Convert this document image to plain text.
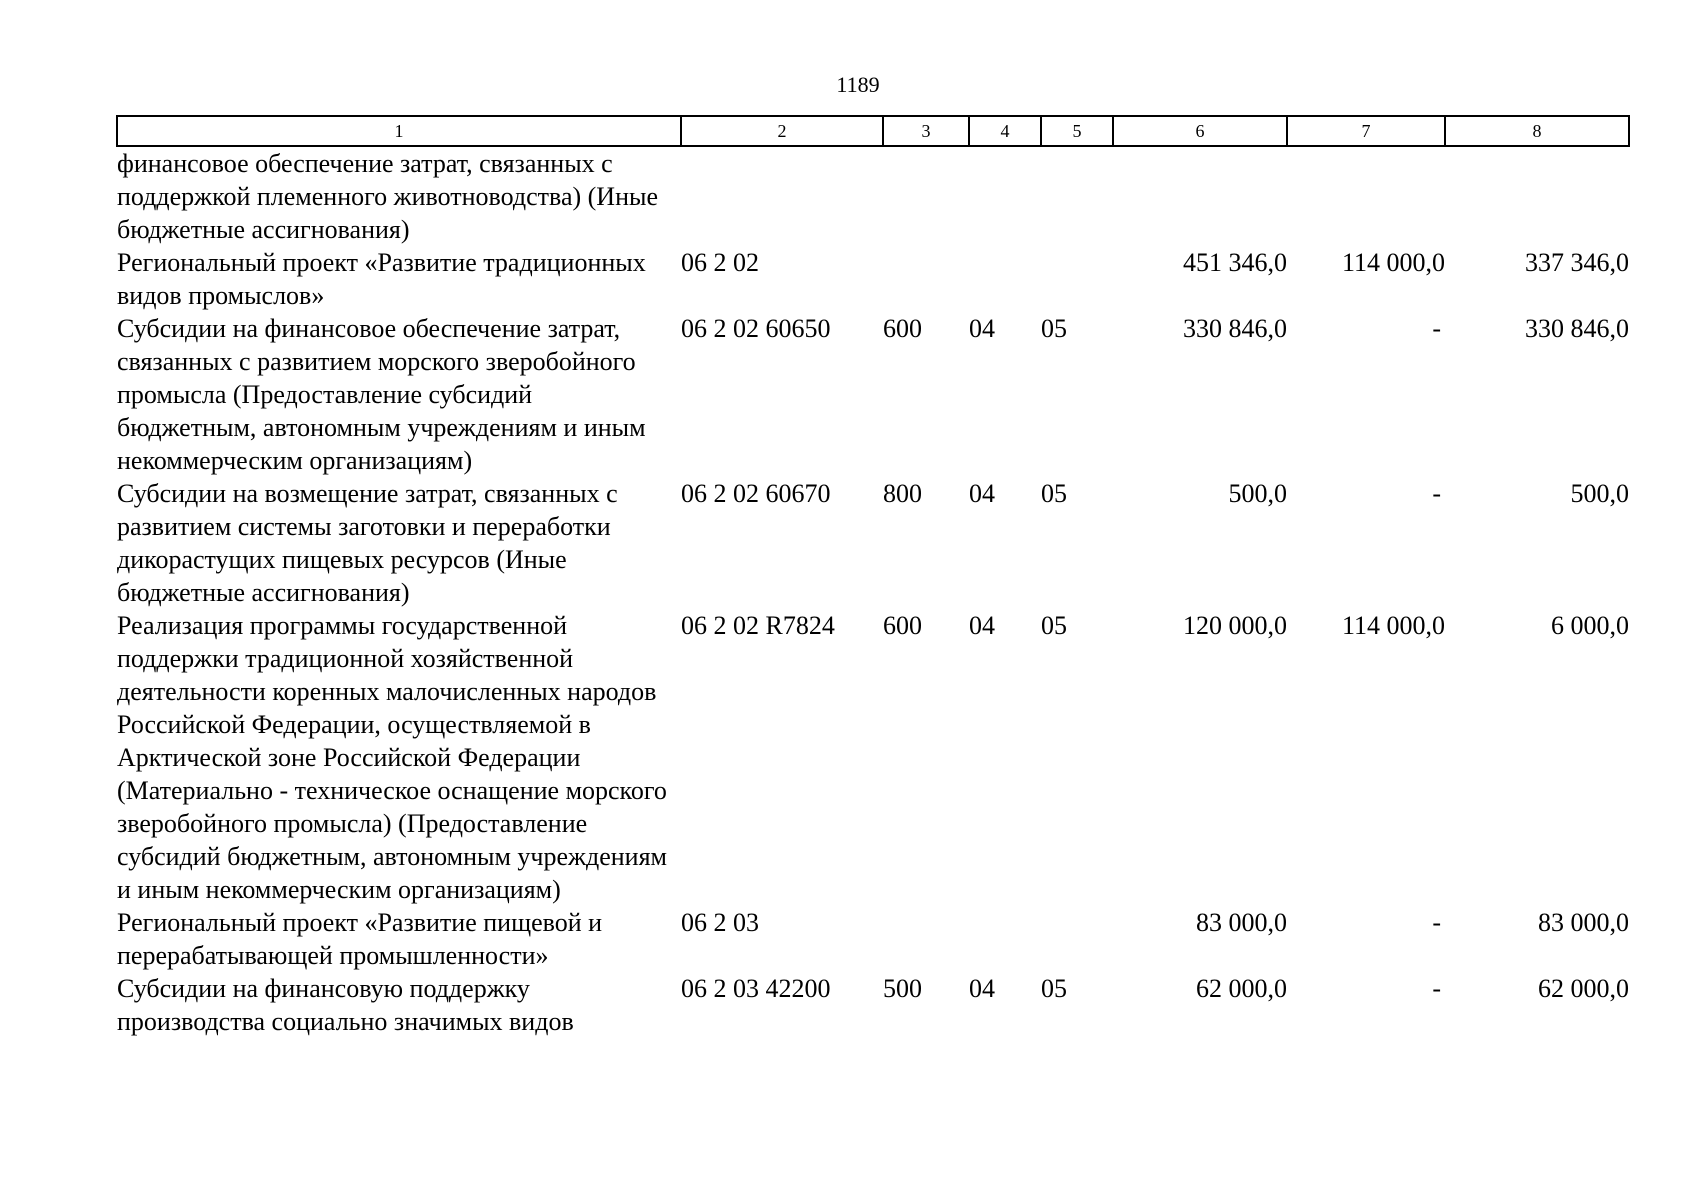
1189
1	2	3	4	5	6	7	8
финансовое обеспечение затрат, связанных с поддержкой племенного животноводства) (Иные бюджетные ассигнования)							
Региональный проект «Развитие традиционных видов промыслов»	06 2 02				451 346,0	114 000,0	337 346,0
Субсидии на финансовое обеспечение затрат, связанных с развитием морского зверобойного промысла (Предоставление субсидий бюджетным, автономным учреждениям и иным некоммерческим организациям)	06 2 02 60650	600	04	05	330 846,0	-	330 846,0
Субсидии на возмещение затрат, связанных с развитием системы заготовки и переработки дикорастущих пищевых ресурсов (Иные бюджетные ассигнования)	06 2 02 60670	800	04	05	500,0	-	500,0
Реализация программы государственной поддержки традиционной хозяйственной деятельности коренных малочисленных народов Российской Федерации, осуществляемой в Арктической зоне Российской Федерации (Материально - техническое оснащение морского зверобойного промысла) (Предоставление субсидий бюджетным, автономным учреждениям и иным некоммерческим организациям)	06 2 02 R7824	600	04	05	120 000,0	114 000,0	6 000,0
Региональный проект «Развитие пищевой и перерабатывающей промышленности»	06 2 03				83 000,0	-	83 000,0
Субсидии на финансовую поддержку производства социально значимых видов	06 2 03 42200	500	04	05	62 000,0	-	62 000,0
